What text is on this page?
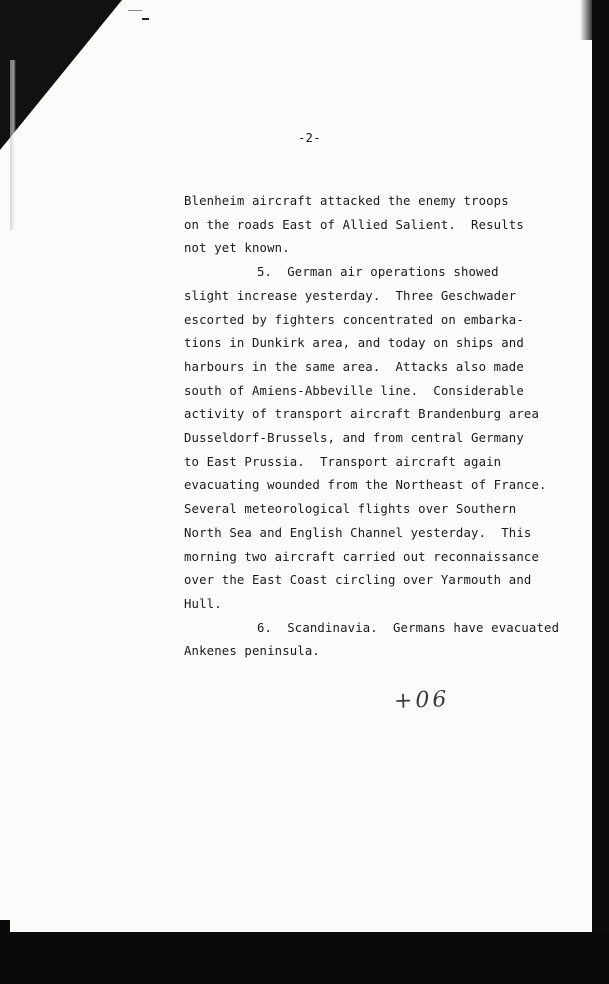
-2-
Blenheim aircraft attacked the enemy troops
on the roads East of Allied Salient.  Results
not yet known.
5.  German air operations showed
slight increase yesterday.  Three Geschwader
escorted by fighters concentrated on embarka-
tions in Dunkirk area, and today on ships and
harbours in the same area.  Attacks also made
south of Amiens-Abbeville line.  Considerable
activity of transport aircraft Brandenburg area
Dusseldorf-Brussels, and from central Germany
to East Prussia.  Transport aircraft again
evacuating wounded from the Northeast of France.
Several meteorological flights over Southern
North Sea and English Channel yesterday.  This
morning two aircraft carried out reconnaissance
over the East Coast circling over Yarmouth and
Hull.
6.  Scandinavia.  Germans have evacuated
Ankenes peninsula.
+06
